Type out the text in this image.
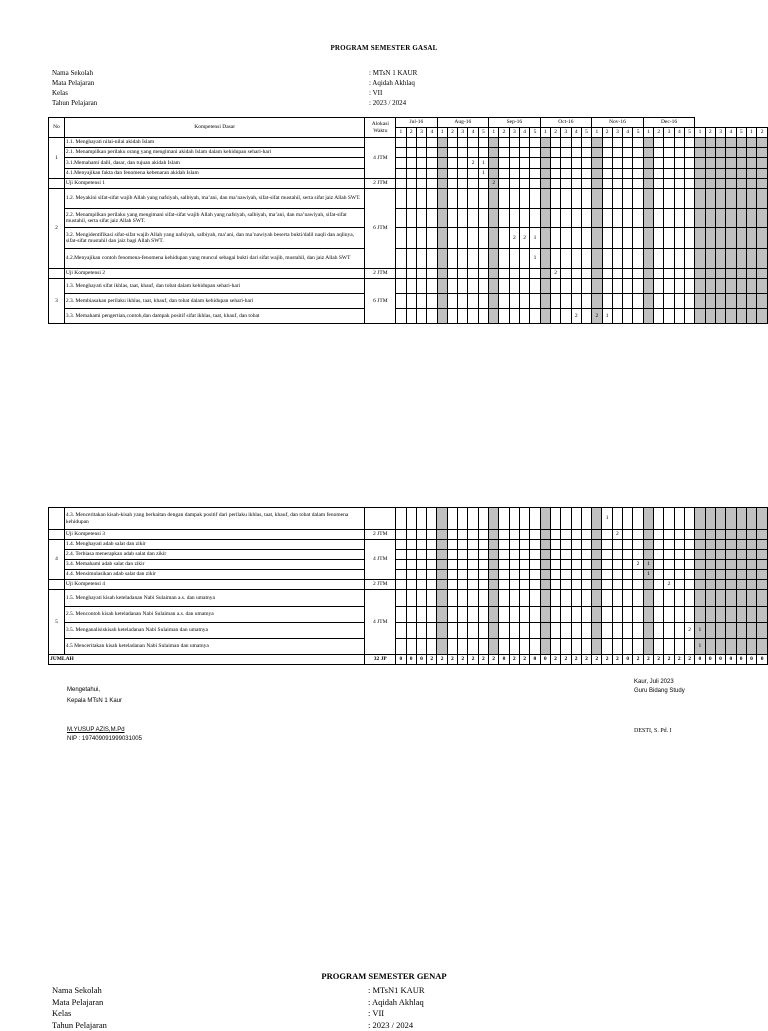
PROGRAM SEMESTER GASAL
Nama Sekolah	: MTsN 1 KAUR
Mata Pelajaran	: Aqidah Akhlaq
Kelas	: VII
Tahun Pelajaran	: 2023 / 2024
No	Kompetensi Dasar	Alokasi Waktu	Jul-16				Aug-16					Sep-16					Oct-16					Nov-16					Dec-16											
			1	2	3	4	1	2	3	4	5	1	2	3	4	5	1	2	3	4	5	1	2	3	4	5	1	2	3	4	5	1	2	3	4	5	1	2
1	1.1. Menghayati nilai-nilai akidah Islam	4 JTM																																				
	2.1. Menampilkan perilaku orang yang mengimani akidah Islam dalam kehidupan sehari-hari																																					
	3.1.Memahami dalil, dasar, dan tujuan akidah Islam									2	1																											
	4.1.Menyajikan fakta dan fenomena kebenaran akidah Islam										1																											
	Uji Kompetensi 1	2 JTM										2																										
2	1.2. Meyakini sifat-sifat wajib Allah yang nafsiyah, salbiyah, ma’ani, dan ma’nawiyah, sifat-sifat mustahil, serta sifat jaiz Allah SWT.	6 JTM																																				
	2.2. Menampilkan perilaku yang mengimani sifat-sifat wajib Allah yang nafsiyah, salbiyah, ma’ani, dan ma’nawiyah, sifat-sifat mustahil, serta sifat jaiz Allah SWT.																																					
	3.2. Mengidentifikasi sifat-sifat wajib Allah yang nafsiyah, salbiyah, ma’ani, dan ma’nawiyah beserta bukti/dalil naqli dan aqlinya, sifat-sifat mustahil dan jaiz bagi Allah SWT.													2	2	1																						
	4.2.Menyajikan contoh fenomena-fenomena kehidupan yang muncul sebagai bukti dari sifat wajib, mustahil, dan jaiz Allah SWT															1																						
	Uji Kompetensi 2	2 JTM																2																				
3	1.3. Menghayati sifat ikhlas, taat, khauf, dan tobat dalam kehidupan sehari-hari	6 JTM																																				
	2.3. Membiasakan perilaku ikhlas, taat, khauf, dan tobat dalam kehidupan sehari-hari																																					
	3.3. Memahami pengertian,contoh,dan dampak positif sifat ikhlas, taat, khauf, dan tobat																			2		2	1															
	4.3. Menceritakan kisah-kisah yang berkaitan dengan dampak positif dari perilaku ikhlas, taat, khauf, dan tobat dalam fenomena kehidupan																						1															
	Uji Kompetensi 3	2 JTM																						2														
4	1.4. Menghayati adab salat dan zikir	4 JTM																																				
	2.4. Terbiasa menerapkan adab salat dan zikir																																					
	3.4. Memahami adab salat dan zikir																									2	1											
	4.4. Mensimulasikan adab salat dan zikir																										1											
	Uji Kompetensi 4	2 JTM																											2									
5	1.5. Menghayati kisah keteladanan Nabi Sulaiman a.s. dan umatnya	4 JTM																																				
	2.5. Mencontoh kisah keteladanan Nabi Sulaiman a.s. dan umatnya																																					
	3.5. Menganalisiskisah keteladanan Nabi Sulaiman dan umatnya																														2	1						
	4.5 Menceritakan kisah keteladanan Nabi Sulaiman dan umatnya																															1						
JUMLAH		32 JP	0	0	0	2	2	2	2	2	2	2	0	2	2	0	0	2	2	2	2	2	2	2	0	2	2	2	2	2	2	0	0	0	0	0	0	0
Mengetahui,
Kepala MTsN 1 Kaur
M.YUSUP AZIS,M.Pd
NIP : 197409091999031005
Kaur, Juli 2023
Guru Bidang Study
DESTI, S. Pd. I
PROGRAM SEMESTER GENAP
Nama Sekolah	: MTsN1 KAUR
Mata Pelajaran	: Aqidah Akhlaq
Kelas	: VII
Tahun Pelajaran	: 2023 / 2024
